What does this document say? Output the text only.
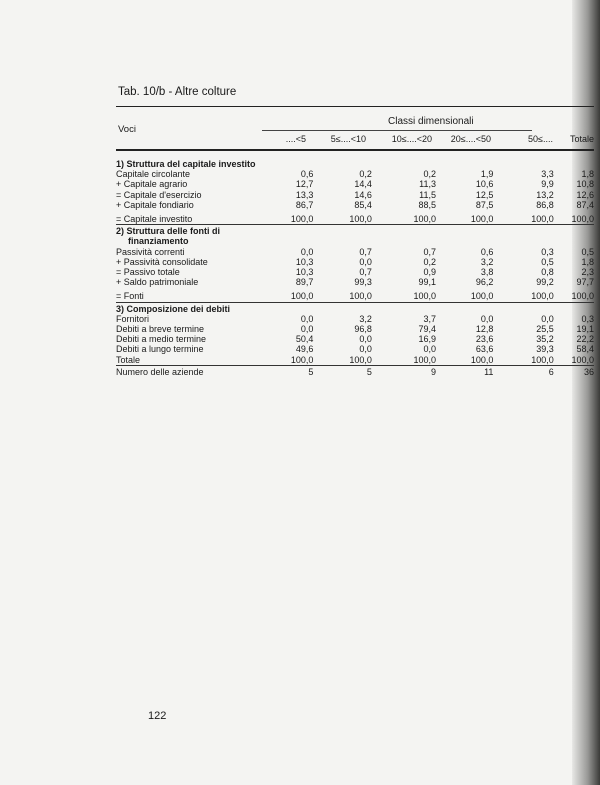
Tab. 10/b - Altre colture
Voci
Classi dimensionali
....<5	5≤....<10	10≤....<20	20≤....<50	50≤....	Totale
1) Struttura del capitale investito						
Capitale circolante	0,6	0,2	0,2	1,9	3,3	1,8
+ Capitale agrario	12,7	14,4	11,3	10,6	9,9	10,8
= Capitale d'esercizio	13,3	14,6	11,5	12,5	13,2	12,6
+ Capitale fondiario	86,7	85,4	88,5	87,5	86,8	87,4
= Capitale investito	100,0	100,0	100,0	100,0	100,0	100,0
2) Struttura delle fonti di						
finanziamento						
Passività correnti	0,0	0,7	0,7	0,6	0,3	0,5
+ Passività consolidate	10,3	0,0	0,2	3,2	0,5	1,8
= Passivo totale	10,3	0,7	0,9	3,8	0,8	2,3
+ Saldo patrimoniale	89,7	99,3	99,1	96,2	99,2	97,7
= Fonti	100,0	100,0	100,0	100,0	100,0	100,0
3) Composizione dei debiti						
Fornitori	0,0	3,2	3,7	0,0	0,0	0,3
Debiti a breve termine	0,0	96,8	79,4	12,8	25,5	19,1
Debiti a medio termine	50,4	0,0	16,9	23,6	35,2	22,2
Debiti a lungo termine	49,6	0,0	0,0	63,6	39,3	58,4
Totale	100,0	100,0	100,0	100,0	100,0	100,0
Numero delle aziende	5	5	9	11	6	36
122
